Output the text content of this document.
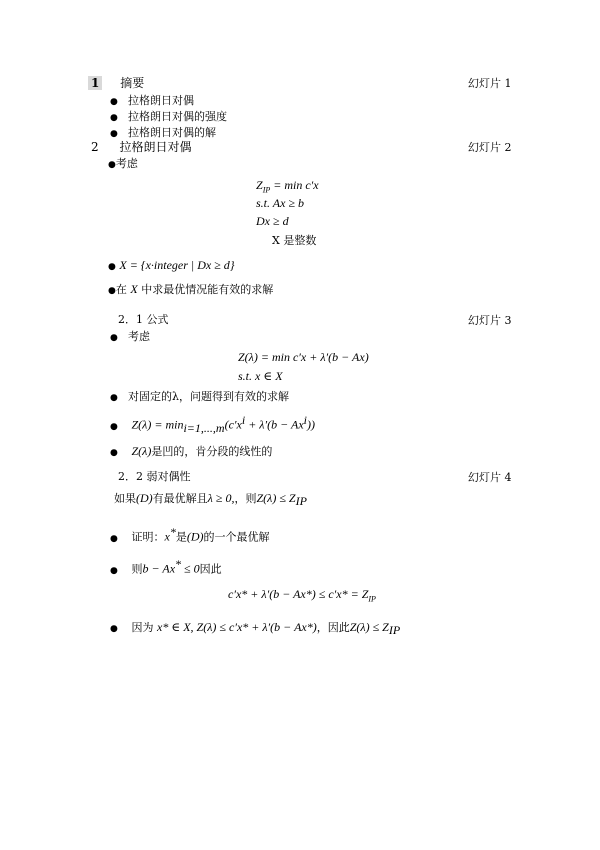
1 摘要	幻灯片 1
● 拉格朗日对偶
● 拉格朗日对偶的强度
● 拉格朗日对偶的解
2 拉格朗日对偶	幻灯片 2
●考虑
$Z_{IP} = \min c'x$
s.t. Ax ≥ b
Dx ≥ d
X 是整数
● X = {x·integer | Dx ≥ d}
●在 X 中求最优情况能有效的求解
2．1 公式	幻灯片 3
● 考虑
Z(λ) = min c′x + λ′(b − Ax)
s.t. x ∈ X
● 对固定的λ，问题得到有效的求解
● $Z(\lambda) = \min_{i=1,...,m}(c'x^i + \lambda'(b - Ax^i))$
● Z(λ)是凹的，肯分段的线性的
2．2 弱对偶性	幻灯片 4
如果(D)有最优解且λ ≥ 0,，则$Z(\lambda) \le Z_{IP}$
● 证明：x*是(D)的一个最优解
● 则b − Ax* ≤ 0因此
$c'x* + \lambda'(b - Ax*) \le c'x* = Z_{IP}$
● 因为 x* ∈ X, Z(λ) ≤ c′x* + λ′(b − Ax*)，因此$Z(\lambda) \le Z_{IP}$
